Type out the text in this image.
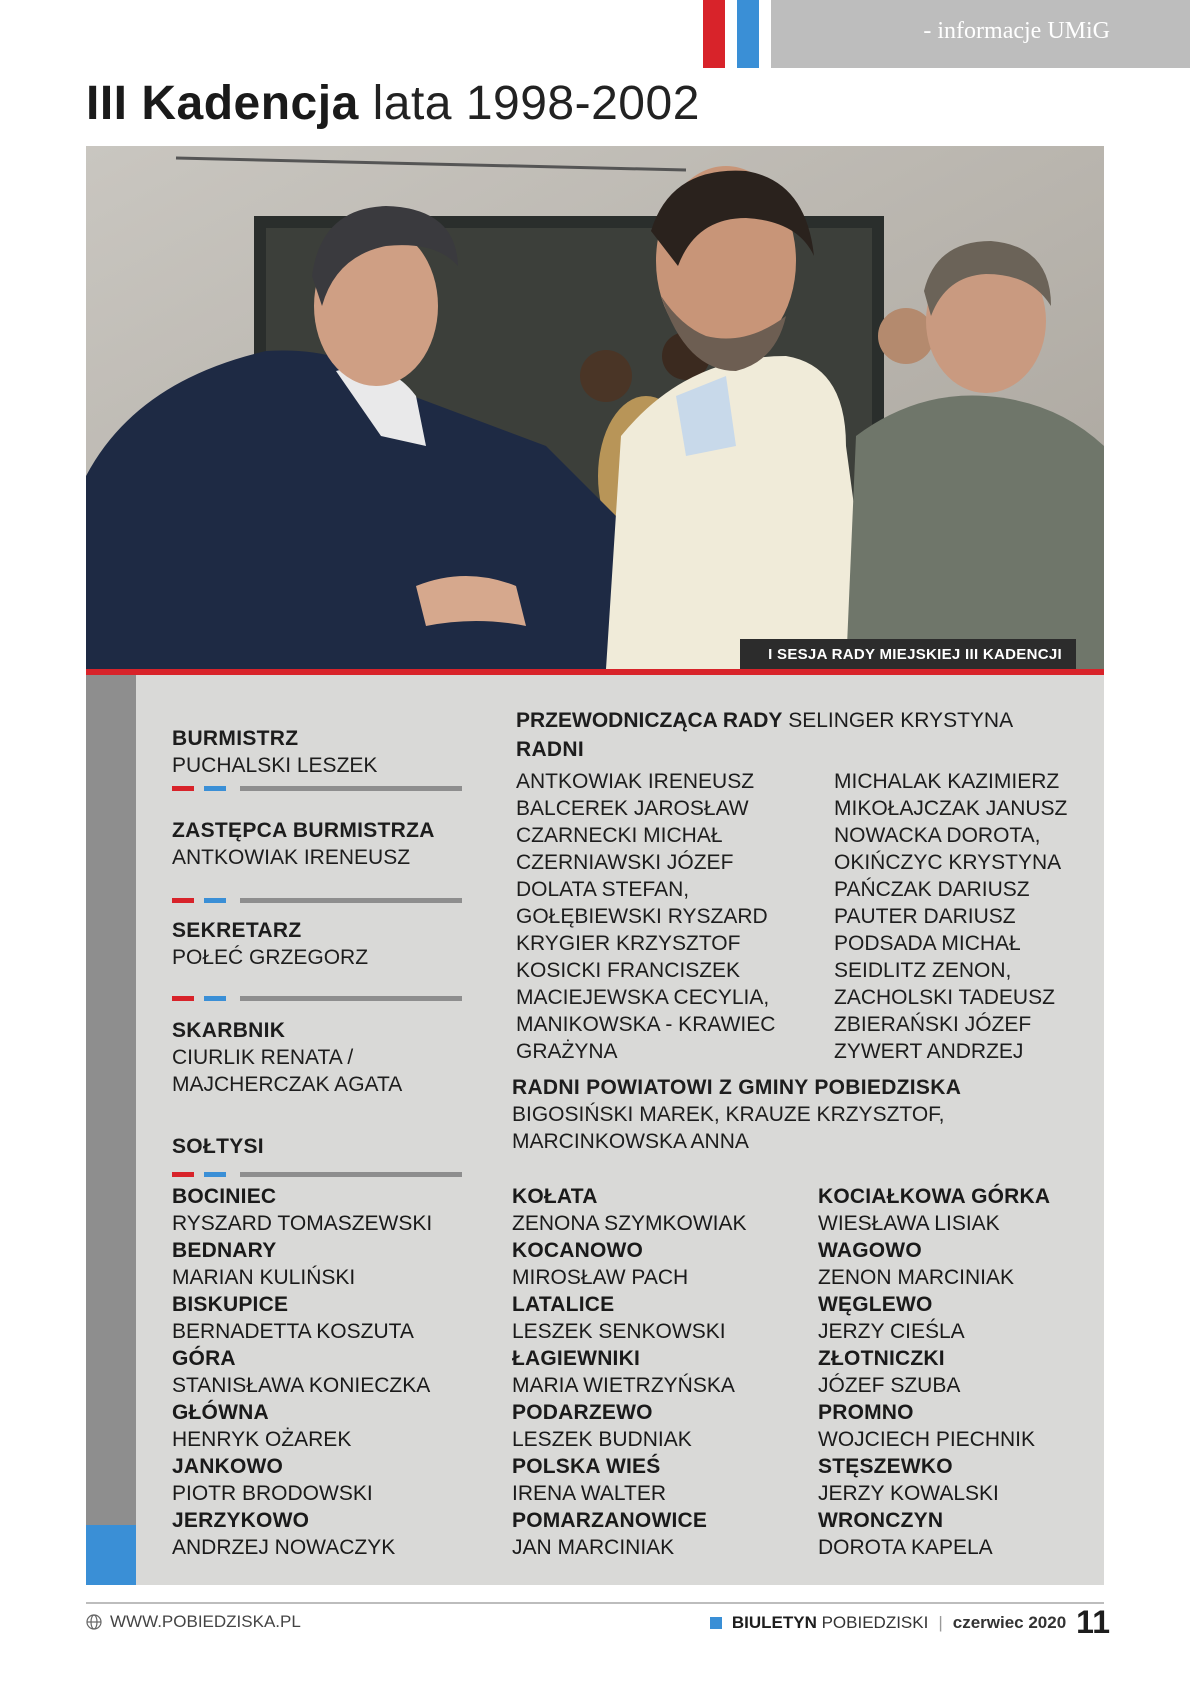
- informacje UMiG
III Kadencja lata 1998-2002
I SESJA RADY MIEJSKIEJ III KADENCJI
BURMISTRZ
PUCHALSKI LESZEK
ZASTĘPCA BURMISTRZA
ANTKOWIAK IRENEUSZ
SEKRETARZ
POŁEĆ GRZEGORZ
SKARBNIK
CIURLIK RENATA /
MAJCHERCZAK AGATA
SOŁTYSI
PRZEWODNICZĄCA RADY SELINGER KRYSTYNA
RADNI
ANTKOWIAK IRENEUSZ
BALCEREK JAROSŁAW
CZARNECKI MICHAŁ
CZERNIAWSKI JÓZEF
DOLATA STEFAN,
GOŁĘBIEWSKI RYSZARD
KRYGIER KRZYSZTOF
KOSICKI FRANCISZEK
MACIEJEWSKA CECYLIA,
MANIKOWSKA - KRAWIEC
GRAŻYNA
MICHALAK KAZIMIERZ
MIKOŁAJCZAK JANUSZ
NOWACKA DOROTA,
OKIŃCZYC KRYSTYNA
PAŃCZAK DARIUSZ
PAUTER DARIUSZ
PODSADA MICHAŁ
SEIDLITZ ZENON,
ZACHOLSKI TADEUSZ
ZBIERAŃSKI JÓZEF
ZYWERT ANDRZEJ
RADNI POWIATOWI Z GMINY POBIEDZISKA
BIGOSIŃSKI MAREK, KRAUZE KRZYSZTOF,
MARCINKOWSKA ANNA
BOCINIEC
RYSZARD TOMASZEWSKI
BEDNARY
MARIAN KULIŃSKI
BISKUPICE
BERNADETTA KOSZUTA
GÓRA
STANISŁAWA KONIECZKA
GŁÓWNA
HENRYK OŻAREK
JANKOWO
PIOTR BRODOWSKI
JERZYKOWO
ANDRZEJ NOWACZYK
KOŁATA
ZENONA SZYMKOWIAK
KOCANOWO
MIROSŁAW PACH
LATALICE
LESZEK SENKOWSKI
ŁAGIEWNIKI
MARIA WIETRZYŃSKA
PODARZEWO
LESZEK BUDNIAK
POLSKA WIEŚ
IRENA WALTER
POMARZANOWICE
JAN MARCINIAK
KOCIAŁKOWA GÓRKA
WIESŁAWA LISIAK
WAGOWO
ZENON MARCINIAK
WĘGLEWO
JERZY CIEŚLA
ZŁOTNICZKI
JÓZEF SZUBA
PROMNO
WOJCIECH PIECHNIK
STĘSZEWKO
JERZY KOWALSKI
WRONCZYN
DOROTA KAPELA
WWW.POBIEDZISKA.PL	BIULETYN POBIEDZISKI | czerwiec 2020 11
